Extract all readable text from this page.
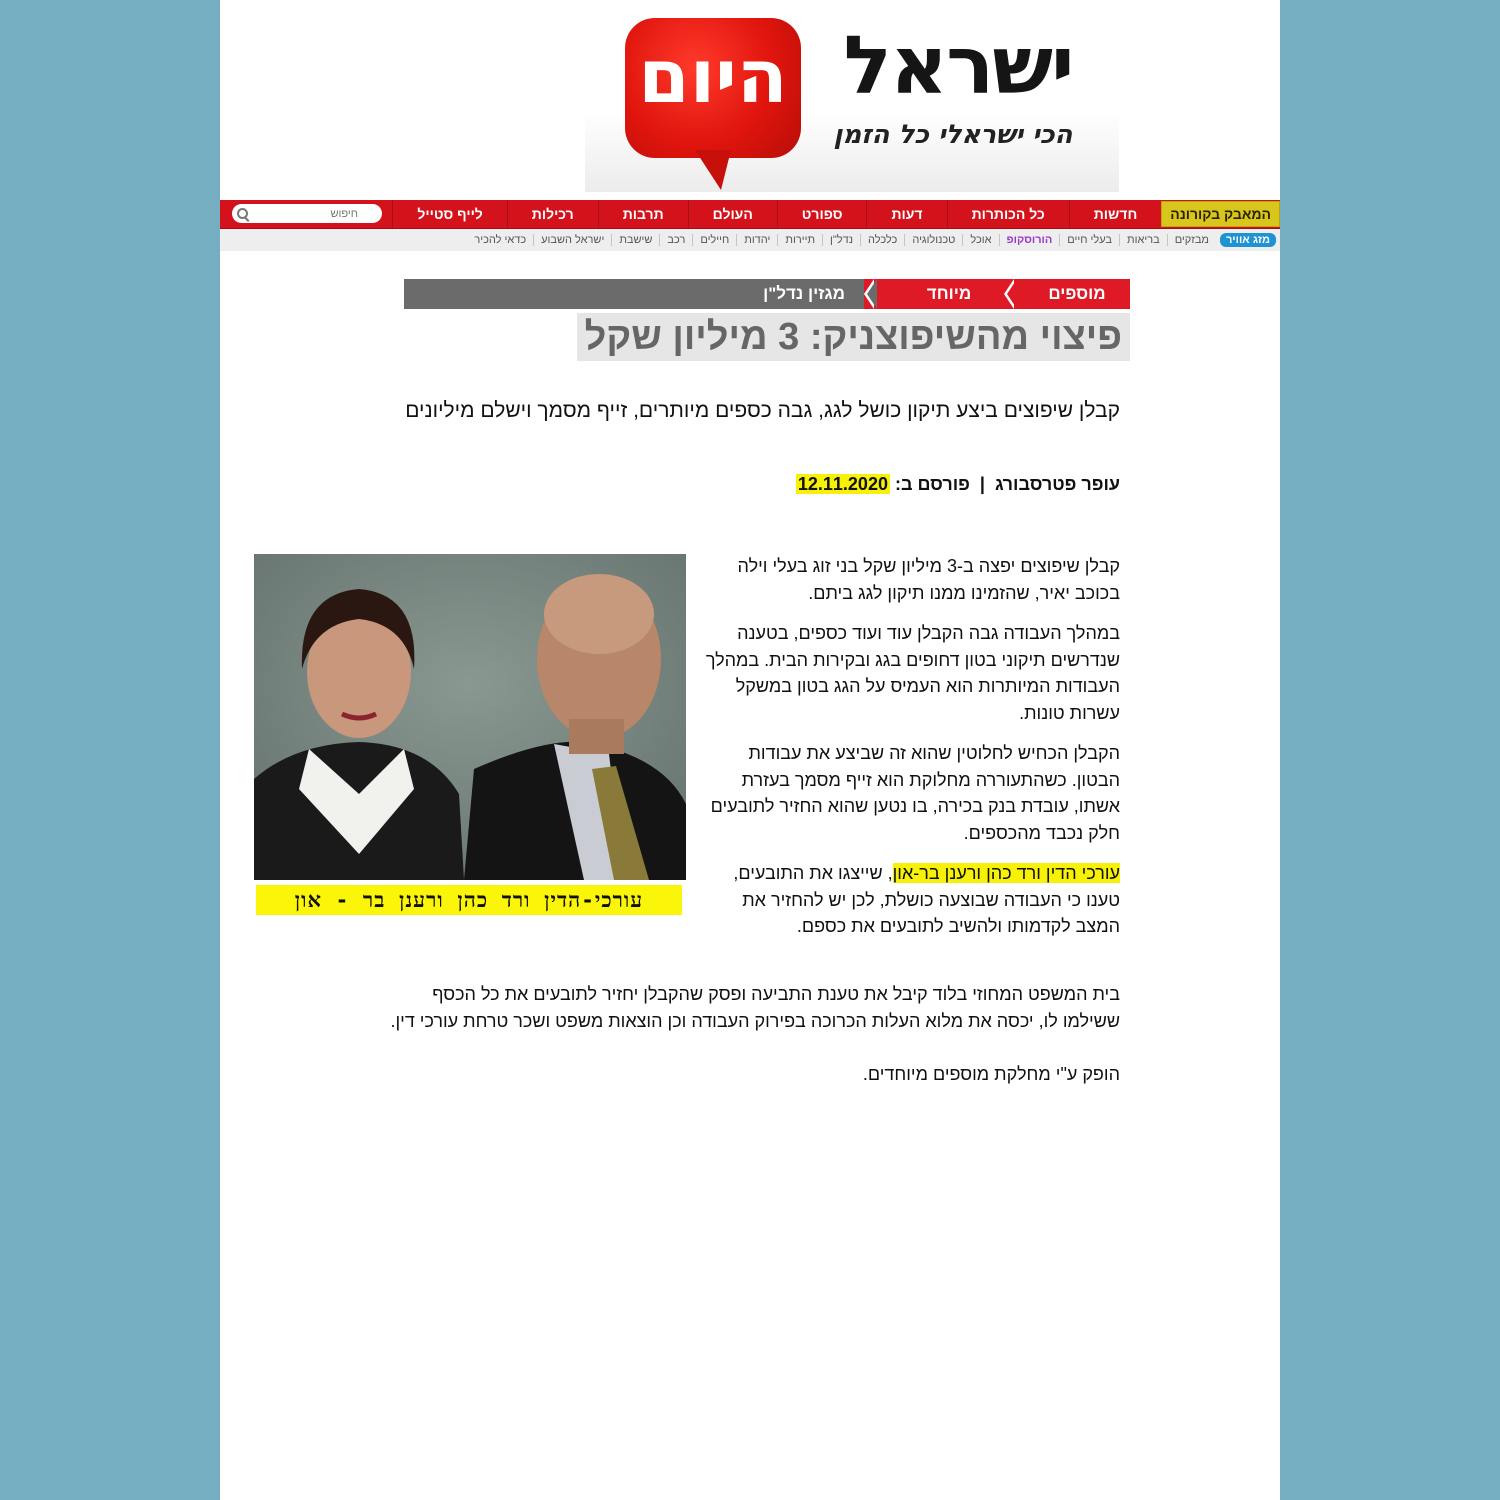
היום ישראל
הכי ישראלי כל הזמן
המאבק בקורונה
חדשות
כל הכותרות
דעות
ספורט
העולם
תרבות
רכילות
לייף סטייל
חיפוש
מזג אוויר
מבזקים
בריאות
בעלי חיים
הורוסקופ
אוכל
טכנולוגיה
כלכלה
נדל"ן
תיירות
יהדות
חיילים
רכב
שישבת
ישראל השבוע
כדאי להכיר
מוספים
מיוחד
מגזין נדל"ן
פיצוי מהשיפוצניק: 3 מיליון שקל
קבלן שיפוצים ביצע תיקון כושל לגג, גבה כספים מיותרים, זייף מסמך וישלם מיליונים
עופר פטרסבורג  |  פורסם ב: 12.11.2020
עורכי-הדין ורד כהן ורענן בר - און

קבלן שיפוצים יפצה ב-3 מיליון שקל בני זוג בעלי וילה בכוכב יאיר, שהזמינו ממנו תיקון לגג ביתם.

במהלך העבודה גבה הקבלן עוד ועוד כספים, בטענה שנדרשים תיקוני בטון דחופים בגג ובקירות הבית. במהלך העבודות המיותרות הוא העמיס על הגג בטון במשקל עשרות טונות.

הקבלן הכחיש לחלוטין שהוא זה שביצע את עבודות הבטון. כשהתעוררה מחלוקת הוא זייף מסמך בעזרת אשתו, עובדת בנק בכירה, בו נטען שהוא החזיר לתובעים חלק נכבד מהכספים.

עורכי הדין ורד כהן ורענן בר-און, שייצגו את התובעים, טענו כי העבודה שבוצעה כושלת, לכן יש להחזיר את המצב לקדמותו ולהשיב לתובעים את כספם.

בית המשפט המחוזי בלוד קיבל את טענת התביעה ופסק שהקבלן יחזיר לתובעים את כל הכסף ששילמו לו, יכסה את מלוא העלות הכרוכה בפירוק העבודה וכן הוצאות משפט ושכר טרחת עורכי דין.

הופק ע"י מחלקת מוספים מיוחדים.
